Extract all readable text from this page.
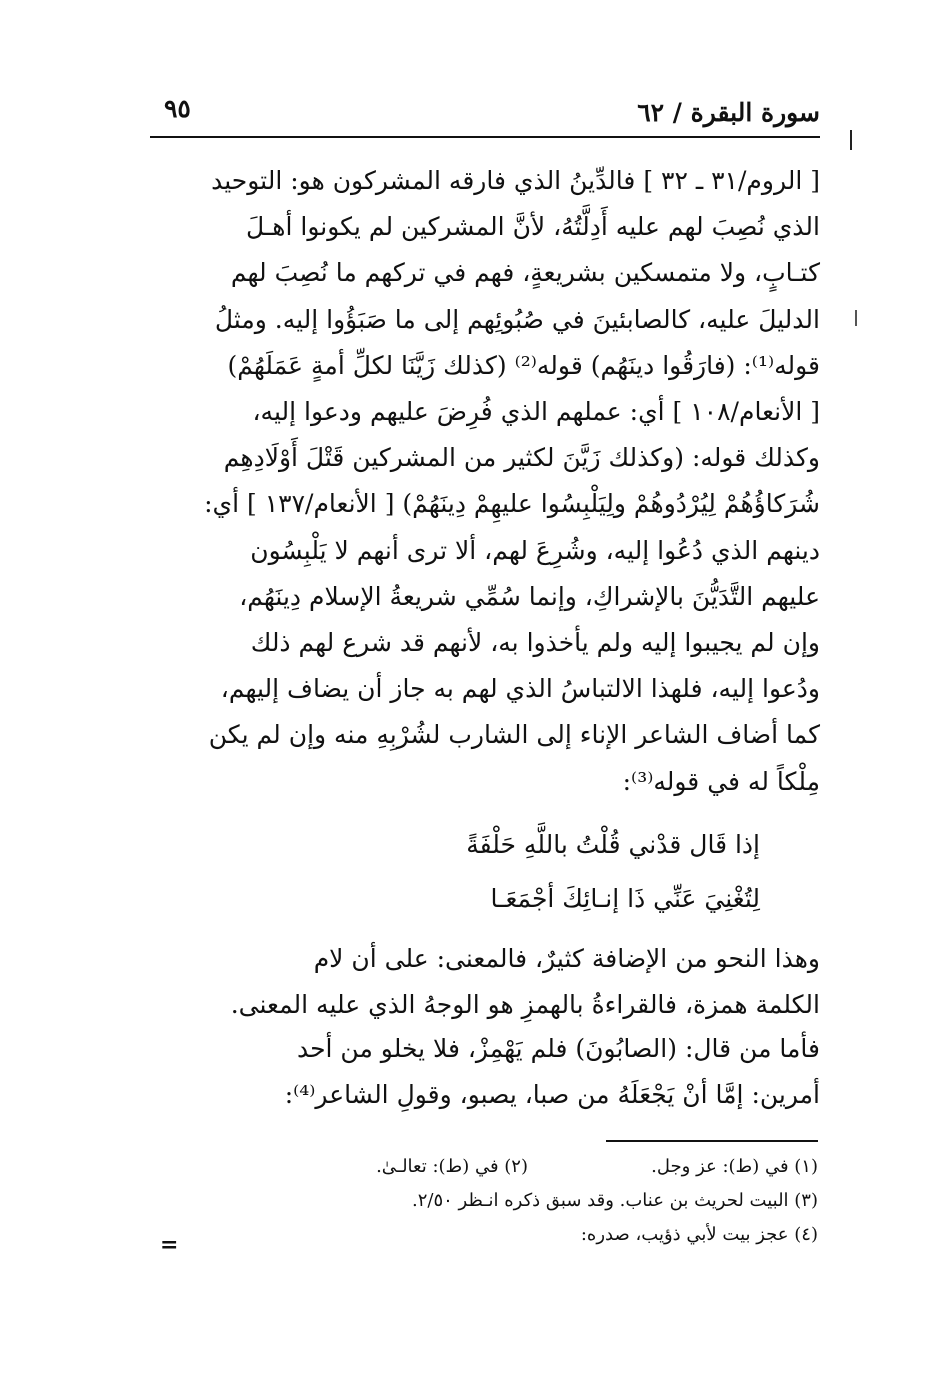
سورة البقرة / ٦٢
٩٥
[ الروم/٣١ ـ ٣٢ ] فالدِّينُ الذي فارقه المشركون هو: التوحيد
الذي نُصِبَ لهم عليه أَدِلَّتُهُ، لأنَّ المشركين لم يكونوا أهـلَ
كتـابٍ، ولا متمسكين بشريعةٍ، فهم في تركهم ما نُصِبَ لهم
الدليلَ عليه، كالصابئينَ في صُبُوئِهم إلى ما صَبَؤُوا إليه. ومثلُ
قوله⁽¹⁾: (فارَقُوا دينَهُم) قوله⁽²⁾ (كذلك زَيَّنَا لكلِّ أمةٍ عَمَلَهُمْ)
[ الأنعام/١٠٨ ] أي: عملهم الذي فُرِضَ عليهم ودعوا إليه،
وكذلك قوله: (وكذلك زَيَّنَ لكثير من المشركين قَتْلَ أَوْلَادِهِم
شُرَكاؤُهُمْ لِيُرْدُوهُمْ ولِيَلْبِسُوا عليهِمْ دِينَهُمْ) [ الأنعام/١٣٧ ] أي:
دينهم الذي دُعُوا إليه، وشُرِعَ لهم، ألا ترى أنهم لا يَلْبِسُون
عليهم التَّدَيُّنَ بالإشراكِ، وإنما سُمِّي شريعةُ الإسلام دِينَهُم،
وإن لم يجيبوا إليه ولم يأخذوا به، لأنهم قد شرع لهم ذلك
ودُعوا إليه، فلهذا الالتباسُ الذي لهم به جاز أن يضاف إليهم،
كما أضاف الشاعر الإناء إلى الشارب لشُرْبِهِ منه وإن لم يكن
مِلْكاً له في قوله⁽³⁾:
إذا قَال قدْني قُلْتُ باللَّهِ حَلْفَةً
لِتُغْنِيَ عَنِّي ذَا إنـائِكَ أجْمَعَـا
وهذا النحو من الإضافة كثيرٌ، فالمعنى: على أن لام
الكلمة همزة، فالقراءةُ بالهمزِ هو الوجهُ الذي عليه المعنى.
فأما من قال: (الصابُونَ) فلم يَهْمِزْ، فلا يخلو من أحد
أمرين: إمَّا أنْ يَجْعَلَهُ من صبا، يصبو، وقولِ الشاعر⁽⁴⁾:
(١) في (ط): عز وجل.
(٢) في (ط): تعالـىٰ.
(٣) البيت لحريث بن عناب. وقد سبق ذكره انـظر ٢/٥٠.
(٤) عجز بيت لأبي ذؤيب، صدره:
=
